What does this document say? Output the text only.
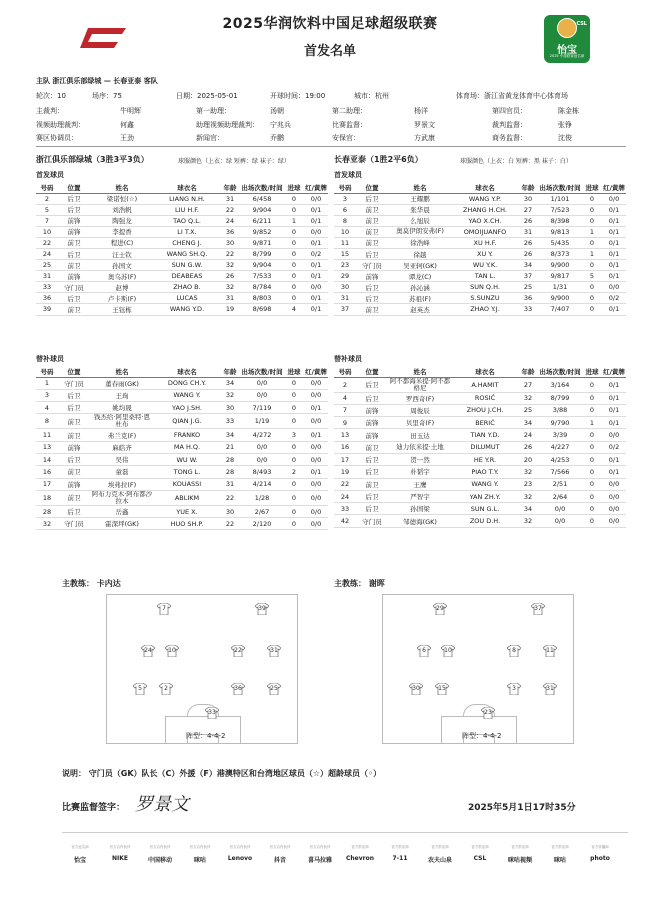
CFL
2025华润饮料中国足球超级联赛
首发名单
CSL
怡宝
2025 中超联赛冠名商
主队 浙江俱乐部绿城 — 长春亚泰 客队
轮次：10	场序：75	日期：2025-05-01	开球时间：19:00	城市：杭州	体育场：浙江省黄龙体育中心体育场
主裁判：	牛明辉	第一助理：	汤朝	第二助理：	杨洋	第四官员：	陈金栋
视频助理裁判：	何鑫	助理视频助理裁判： 宁兆兵	比赛监督：	罗景文	裁判监督：	张铮
赛区协调员：	王劲	新闻官：	乔鹏	安保官：	方武康	商务监督：	沈俊
浙江俱乐部绿城（3胜3平3负）	球服颜色（上衣：绿 短裤：绿 袜子：绿）	长春亚泰（1胜2平6负）	球服颜色（上衣：白 短裤：黑 袜子：白）
首发球员	首发球员
号码	位置	姓名	球衣名	年龄	出场次数/时间	进球	红/黄牌
2	后卫	梁诺恒(☆)	LIANG N.H.	31	6/458	0	0/0
5	后卫	刘浩帆	LIU H.F.	22	9/904	0	0/1
7	前锋	陶强龙	TAO Q.L.	24	6/211	1	0/1
10	前锋	李提香	LI T.X.	36	9/852	0	0/0
22	前卫	程进(C)	CHENG J.	30	9/871	0	0/1
24	后卫	汪士钦	WANG SH.Q.	22	8/799	0	0/2
25	前卫	孙国文	SUN G.W.	32	9/904	0	0/1
31	前锋	奥乌苏(F)	DEABEAS	26	7/533	0	0/1
33	守门员	赵博	ZHAO B.	32	8/784	0	0/0
36	后卫	卢卡斯(F)	LUCAS	31	8/803	0	0/1
39	前卫	王钰栋	WANG Y.D.	19	8/698	4	0/1
号码	位置	姓名	球衣名	年龄	出场次数/时间	进球	红/黄牌
3	后卫	王耀鹏	WANG Y.P.	30	1/101	0	0/0
6	前卫	张华晨	ZHANG H.CH.	27	7/523	0	0/1
8	前卫	么旭辰	YAO X.CH.	26	8/398	0	0/1
10	前卫	奥莫伊朗安弗(F)	OMOIJUANFO	31	9/813	1	0/1
11	前卫	徐浩峰	XU H.F.	26	5/435	0	0/1
15	后卫	徐越	XU Y.	26	8/373	1	0/1
23	守门员	吴亚轲(GK)	WU Y.K.	34	9/900	0	0/1
29	前锋	谭龙(C)	TAN L.	37	9/817	5	0/1
30	后卫	孙沁涵	SUN Q.H.	25	1/31	0	0/0
31	后卫	苏祖(F)	S.SUNZU	36	9/900	0	0/2
37	前卫	赵英杰	ZHAO Y.J.	33	7/407	0	0/1
替补球员	替补球员
号码	位置	姓名	球衣名	年龄	出场次数/时间	进球	红/黄牌
1	守门员	董春雨(GK)	DONG CH.Y.	34	0/0	0	0/0
3	后卫	王珣	WANG Y.	32	0/0	0	0/0
4	后卫	姚均晟	YAO J.SH.	30	7/119	0	0/1
8	前卫	钱杰给·阿里桑特·恩杜布	QIAN J.G.	33	1/19	0	0/0
11	前卫	弗兰克(F)	FRANKO	34	4/272	3	0/1
13	前锋	麻皓齐	MA H.Q.	21	0/0	0	0/0
14	后卫	吴伟	WU W.	28	0/0	0	0/0
16	前卫	童磊	TONG L.	28	8/493	2	0/1
17	前锋	埃弗拉(F)	KOUASSI	31	4/214	0	0/0
18	前卫	阿布力克木·阿布都沙拉木	ABLIKM	22	1/28	0	0/0
28	后卫	岳鑫	YUE X.	30	2/67	0	0/0
32	守门员	霍深坪(GK)	HUO SH.P.	22	2/120	0	0/0
号码	位置	姓名	球衣名	年龄	出场次数/时间	进球	红/黄牌
2	后卫	阿不都海米提·阿不都格尼	A.HAMIT	27	3/164	0	0/1
4	后卫	罗西奇(F)	ROSIĆ	32	8/799	0	0/1
7	前锋	周俊辰	ZHOU J.CH.	25	3/88	0	0/1
9	前锋	贝里奇(F)	BERIĆ	34	9/790	1	0/1
13	前锋	田玉达	TIAN Y.D.	24	3/39	0	0/0
16	前卫	迪力依米提·土地	DILUMUT	26	4/227	0	0/2
17	后卫	贺一然	HE Y.R.	20	4/253	0	0/1
19	后卫	朴韬宇	PIAO T.Y.	32	7/566	0	0/1
22	前卫	王鹰	WANG Y.	23	2/51	0	0/0
24	后卫	严智宇	YAN ZH.Y.	32	2/64	0	0/0
33	后卫	孙国梁	SUN G.L.	34	0/0	0	0/0
42	守门员	邹德海(GK)	ZOU D.H.	32	0/0	0	0/0
主教练： 卡内达	主教练： 谢晖
7	39
24	10	22	31
5	2	36	25
33
29	37
6	10	8	11
30	15	3	31
23
阵型：4-4-2	阵型：4-4-2
说明： 守门员（GK）队长（C）外援（F）港澳特区和台湾地区球员（☆）超龄球员（◦）
比赛监督签字： 罗景文	2025年5月1日17时35分
官方冠名商
怡宝
官方合作伙伴
NIKE
官方合作伙伴
中国移动
官方合作伙伴
咪咕
官方合作伙伴
Lenovo
官方合作伙伴
抖音
官方合作伙伴
喜马拉雅
官方供应商
Chevron
官方供应商
7-11
官方供应商
农夫山泉
官方供应商
CSL
官方供应商
咪咕视频
官方供应商
咪咕
官方转播商
photo
